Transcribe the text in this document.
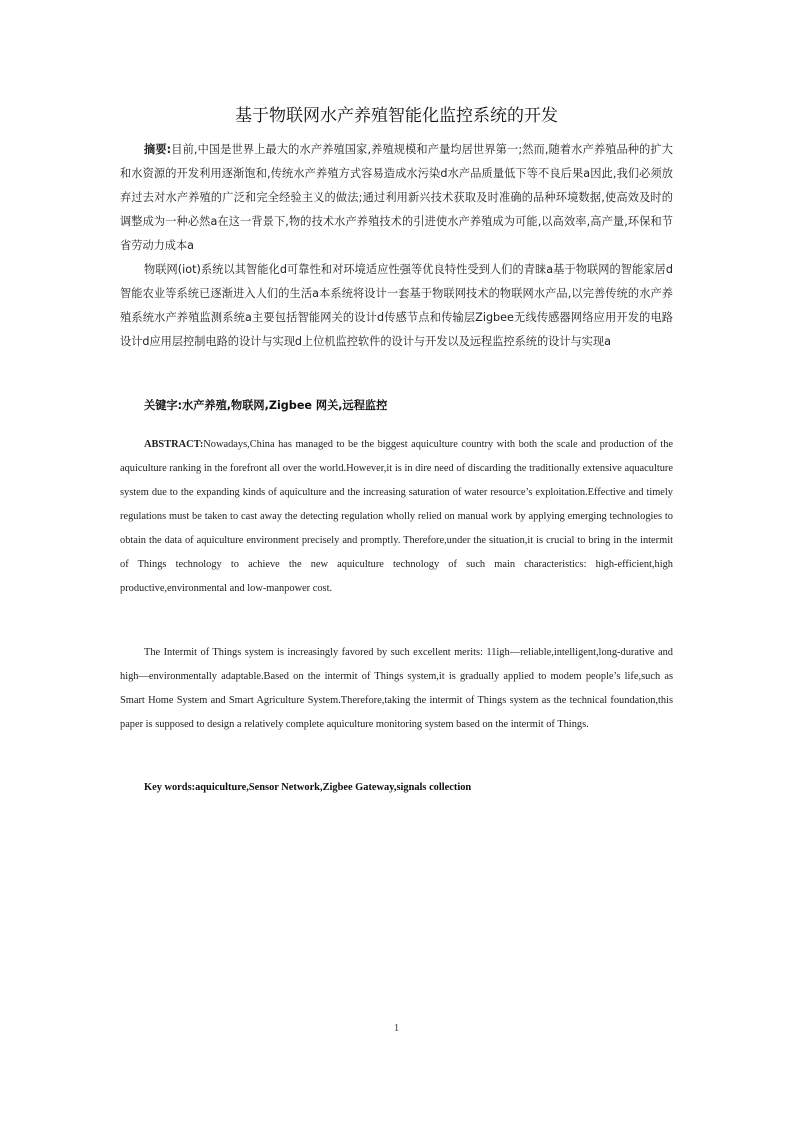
基于物联网水产养殖智能化监控系统的开发
摘要:目前,中国是世界上最大的水产养殖国家,养殖规模和产量均居世界第一;然而,随着水产养殖品种的扩大和水资源的开发利用逐渐饱和,传统水产养殖方式容易造成水污染d水产品质量低下等不良后果a因此,我们必须放弃过去对水产养殖的广泛和完全经验主义的做法;通过利用新兴技术获取及时准确的品种环境数据,使高效及时的调整成为一种必然a在这一背景下,物的技术水产养殖技术的引进使水产养殖成为可能,以高效率,高产量,环保和节省劳动力成本a
物联网(iot)系统以其智能化d可靠性和对环境适应性强等优良特性受到人们的青睐a基于物联网的智能家居d智能农业等系统已逐渐进入人们的生活a本系统将设计一套基于物联网技术的物联网水产品,以完善传统的水产养殖系统水产养殖监测系统a主要包括智能网关的设计d传感节点和传输层Zigbee无线传感器网络应用开发的电路设计d应用层控制电路的设计与实现d上位机监控软件的设计与开发以及远程监控系统的设计与实现a
关键字:水产养殖,物联网,Zigbee 网关,远程监控
ABSTRACT:Nowadays,China has managed to be the biggest aquiculture country with both the scale and production of the aquiculture ranking in the forefront all over the world.However,it is in dire need of discarding the traditionally extensive aquaculture system due to the expanding kinds of aquiculture and the increasing saturation of water resource’s exploitation.Effective and timely regulations must be taken to cast away the detecting regulation wholly relied on manual work by applying emerging technologies to obtain the data of aquiculture environment precisely and promptly. Therefore,under the situation,it is crucial to bring in the intermit of Things technology to achieve the new aquiculture technology of such main characteristics: high-efficient,high productive,environmental and low-manpower cost.
The Intermit of Things system is increasingly favored by such excellent merits: 11igh—reliable,intelligent,long-durative and high—environmentally adaptable.Based on the intermit of Things system,it is gradually applied to modem people’s life,such as Smart Home System and Smart Agriculture System.Therefore,taking the intermit of Things system as the technical foundation,this paper is supposed to design a relatively complete aquiculture monitoring system based on the intermit of Things.
Key words:aquiculture,Sensor Network,Zigbee Gateway,signals collection
1
